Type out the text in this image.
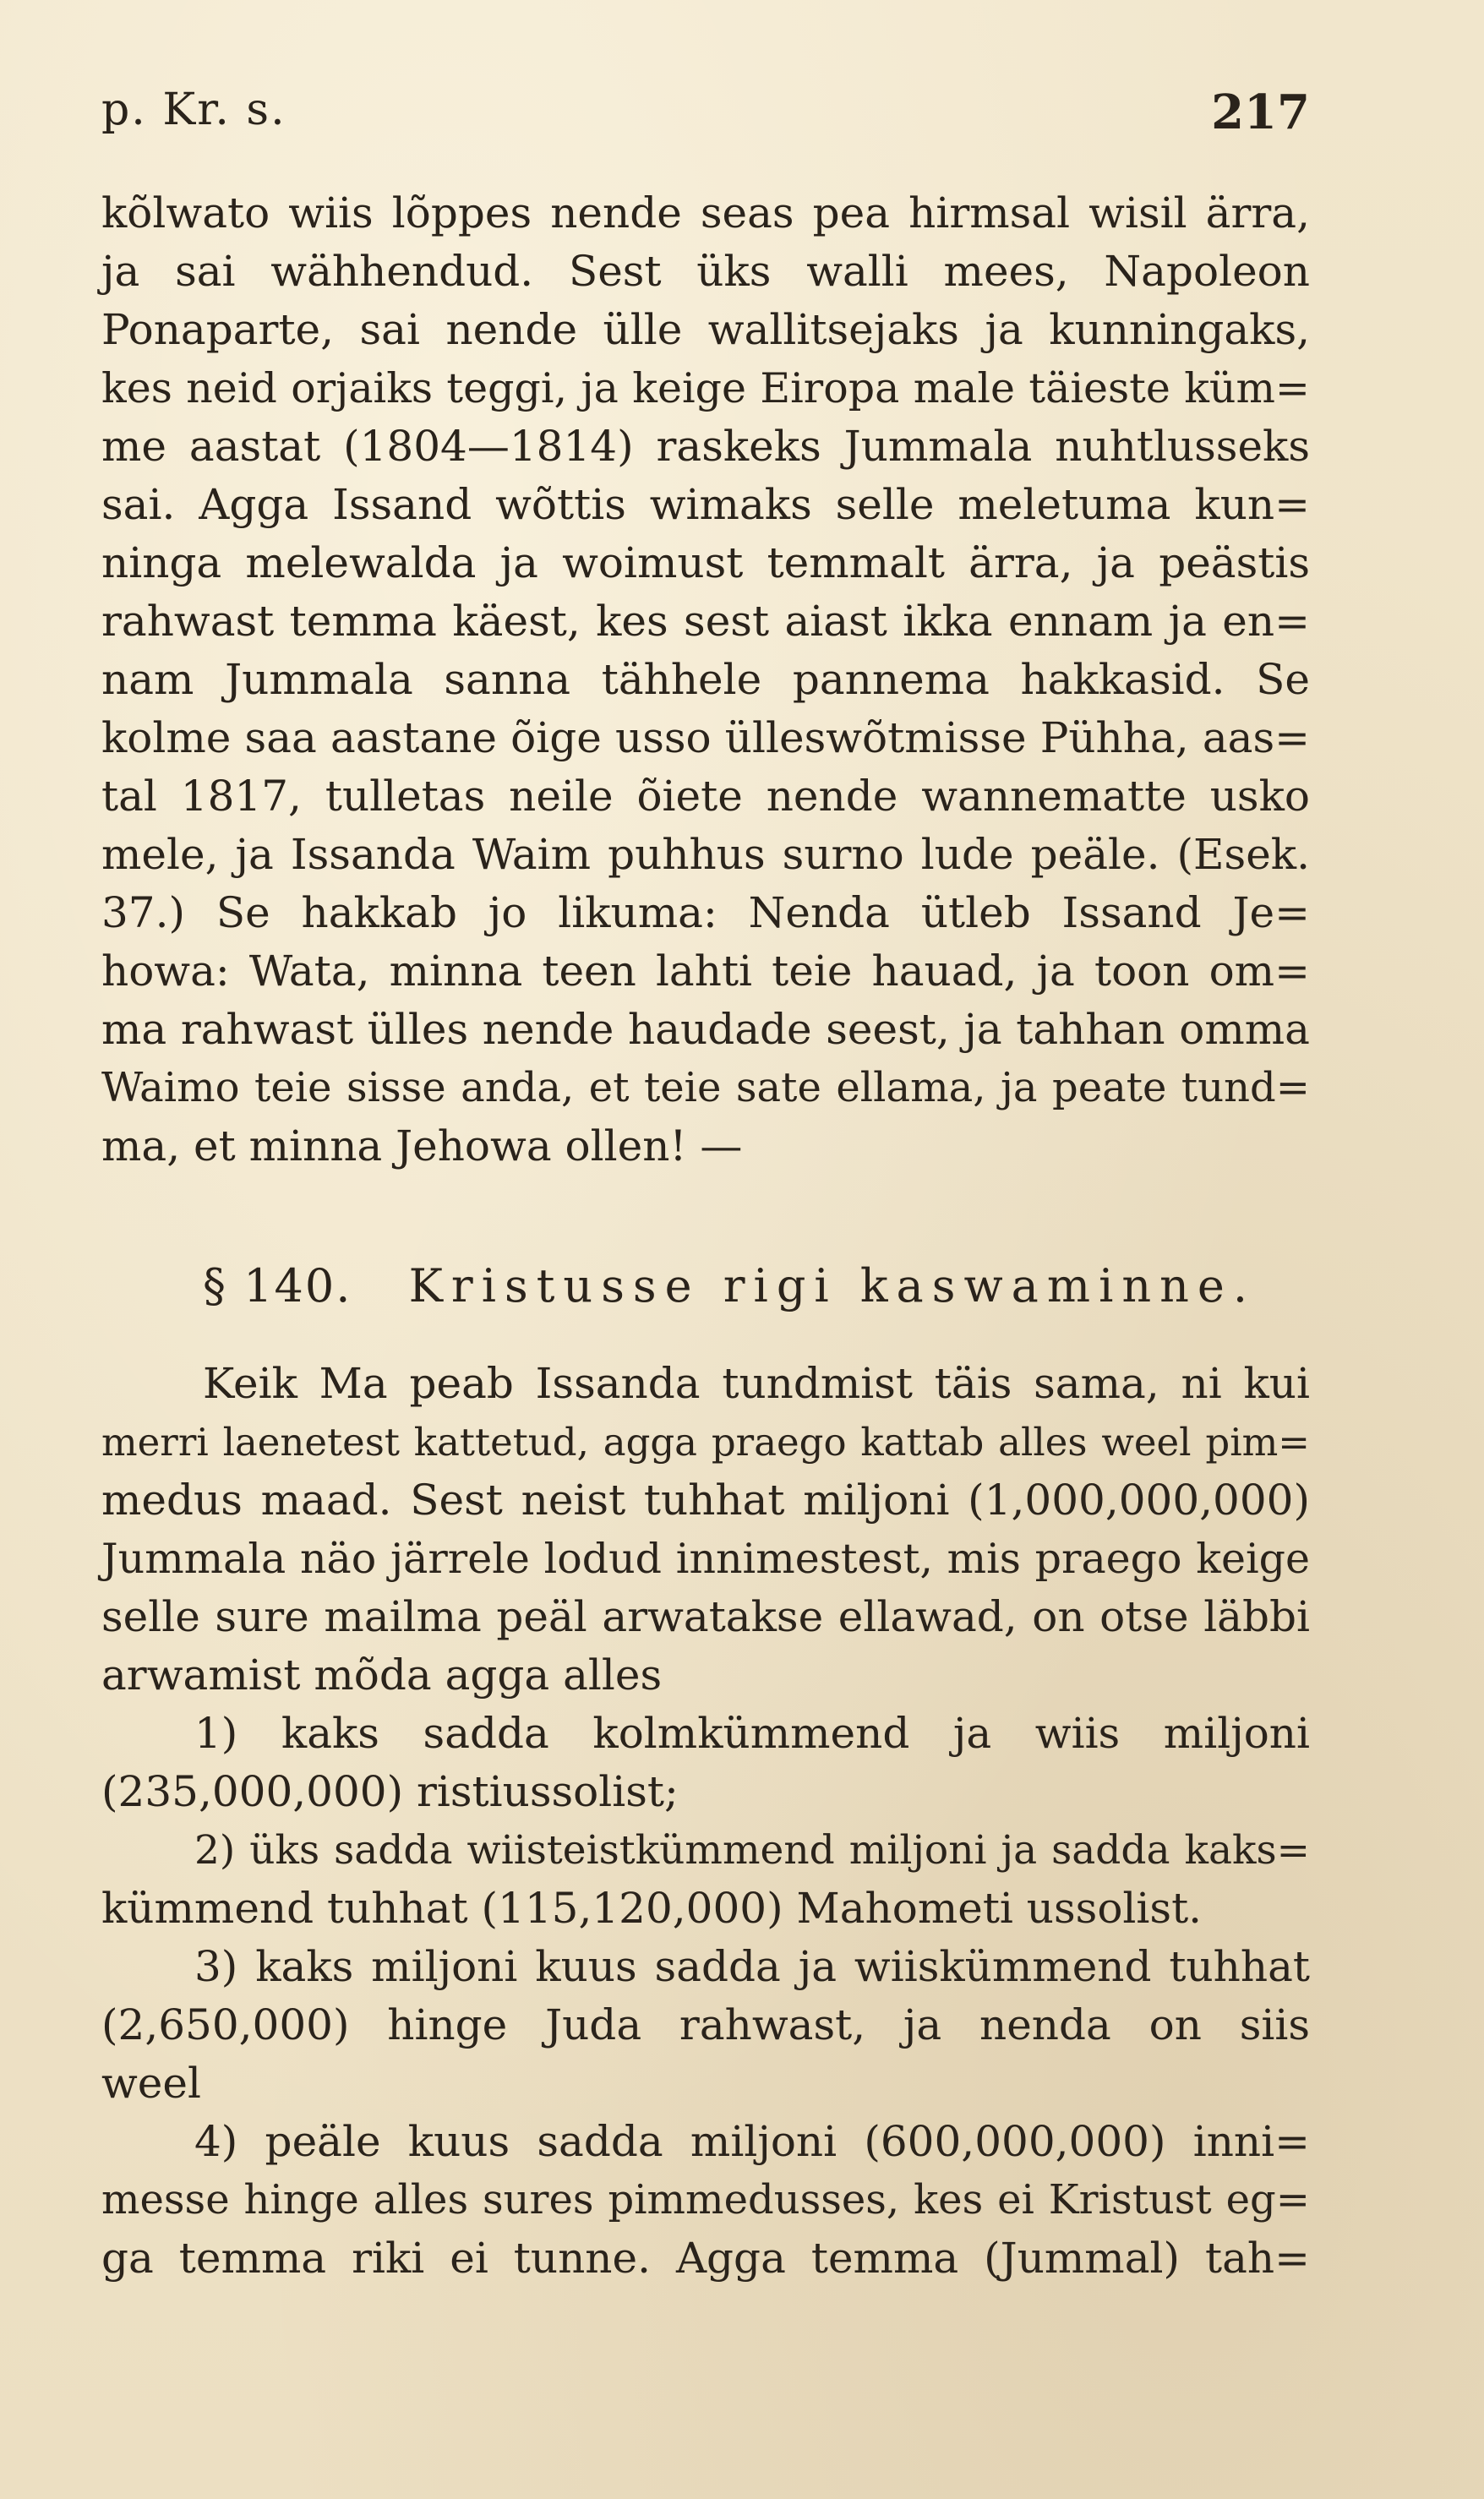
p. Kr. s.	217
kõlwato wiis lõppes nende seas pea hirmsal wisil ärra,
ja sai wähhendud. Sest üks walli mees, Napoleon
Ponaparte, sai nende ülle wallitsejaks ja kunningaks,
kes neid orjaiks teggi, ja keige Eiropa male täieste küm=
me aastat (1804—1814) raskeks Jummala nuhtlusseks
sai. Agga Issand wõttis wimaks selle meletuma kun=
ninga melewalda ja woimust temmalt ärra, ja peästis
rahwast temma käest, kes sest aiast ikka ennam ja en=
nam Jummala sanna tähhele pannema hakkasid. Se
kolme saa aastane õige usso ülleswõtmisse Pühha, aas=
tal 1817, tulletas neile õiete nende wannematte usko
mele, ja Issanda Waim puhhus surno lude peäle. (Esek.
37.) Se hakkab jo likuma: Nenda ütleb Issand Je=
howa: Wata, minna teen lahti teie hauad, ja toon om=
ma rahwast ülles nende haudade seest, ja tahhan omma
Waimo teie sisse anda, et teie sate ellama, ja peate tund=
ma, et minna Jehowa ollen! —
§ 140. Kristusse rigi kaswaminne.
Keik Ma peab Issanda tundmist täis sama, ni kui
merri laenetest kattetud, agga praego kattab alles weel pim=
medus maad. Sest neist tuhhat miljoni (1,000,000,000)
Jummala näo järrele lodud innimestest, mis praego keige
selle sure mailma peäl arwatakse ellawad, on otse läbbi
arwamist mõda agga alles
1) kaks sadda kolmkümmend ja wiis miljoni
(235,000,000) ristiussolist;
2) üks sadda wiisteistkümmend miljoni ja sadda kaks=
kümmend tuhhat (115,120,000) Mahometi ussolist.
3) kaks miljoni kuus sadda ja wiiskümmend tuhhat
(2,650,000) hinge Juda rahwast, ja nenda on siis
weel
4) peäle kuus sadda miljoni (600,000,000) inni=
messe hinge alles sures pimmedusses, kes ei Kristust eg=
ga temma riki ei tunne. Agga temma (Jummal) tah=
